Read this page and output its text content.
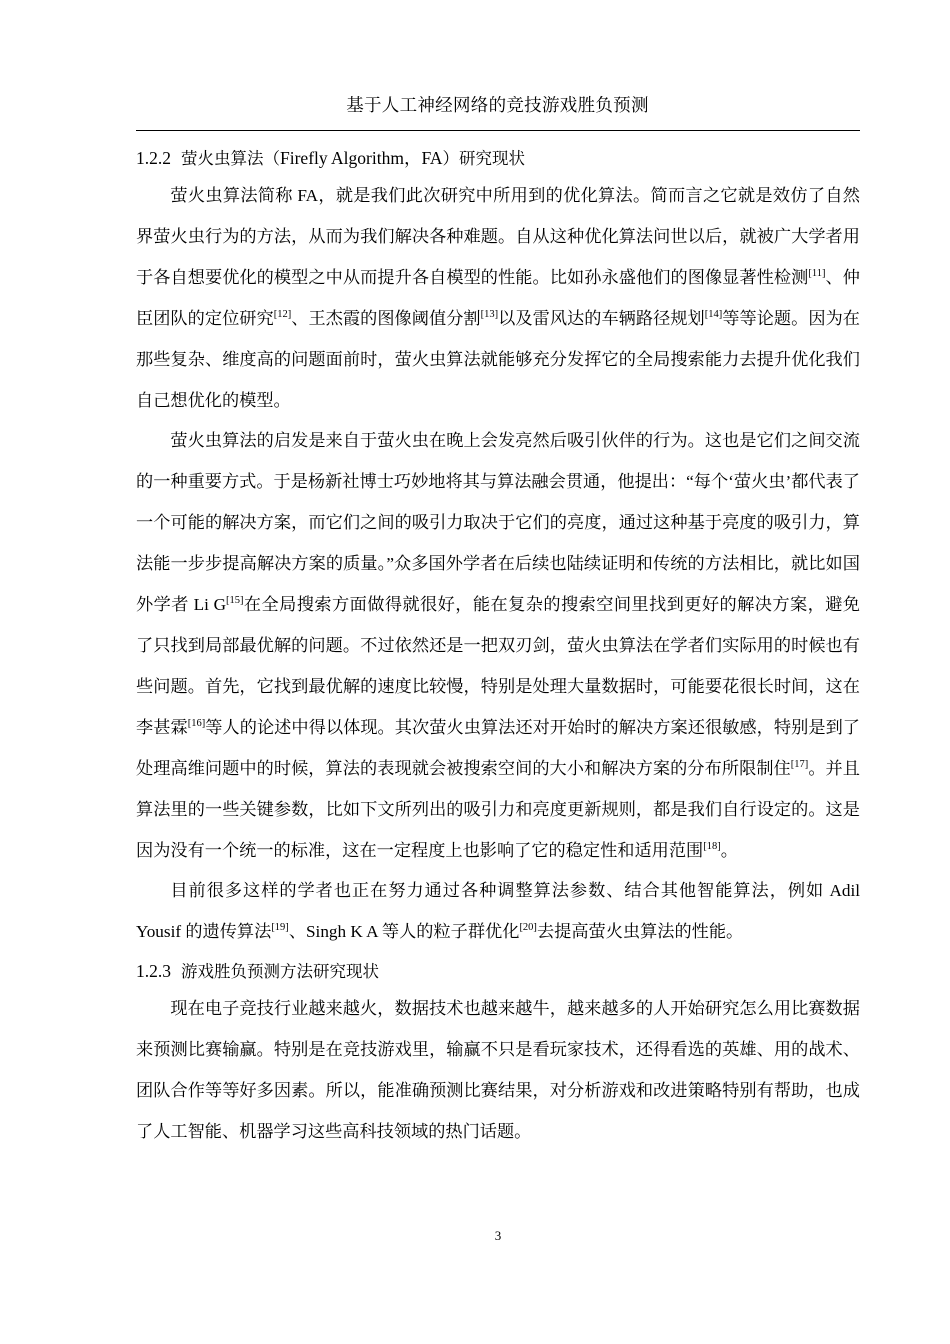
基于人工神经网络的竞技游戏胜负预测
1.2.2 萤火虫算法（Firefly Algorithm，FA）研究现状

萤火虫算法简称 FA，就是我们此次研究中所用到的优化算法。简而言之它就是效仿了自然界萤火虫行为的方法，从而为我们解决各种难题。自从这种优化算法问世以后，就被广大学者用于各自想要优化的模型之中从而提升各自模型的性能。比如孙永盛他们的图像显著性检测[11]、仲臣团队的定位研究[12]、王杰霞的图像阈值分割[13]以及雷风达的车辆路径规划[14]等等论题。因为在那些复杂、维度高的问题面前时，萤火虫算法就能够充分发挥它的全局搜索能力去提升优化我们自己想优化的模型。

萤火虫算法的启发是来自于萤火虫在晚上会发亮然后吸引伙伴的行为。这也是它们之间交流的一种重要方式。于是杨新社博士巧妙地将其与算法融会贯通，他提出：“每个‘萤火虫’都代表了一个可能的解决方案，而它们之间的吸引力取决于它们的亮度，通过这种基于亮度的吸引力，算法能一步步提高解决方案的质量。”众多国外学者在后续也陆续证明和传统的方法相比，就比如国外学者 Li G[15]在全局搜索方面做得就很好，能在复杂的搜索空间里找到更好的解决方案，避免了只找到局部最优解的问题。不过依然还是一把双刃剑，萤火虫算法在学者们实际用的时候也有些问题。首先，它找到最优解的速度比较慢，特别是处理大量数据时，可能要花很长时间，这在李甚霖[16]等人的论述中得以体现。其次萤火虫算法还对开始时的解决方案还很敏感，特别是到了处理高维问题中的时候，算法的表现就会被搜索空间的大小和解决方案的分布所限制住[17]。并且算法里的一些关键参数，比如下文所列出的吸引力和亮度更新规则，都是我们自行设定的。这是因为没有一个统一的标准，这在一定程度上也影响了它的稳定性和适用范围[18]。

目前很多这样的学者也正在努力通过各种调整算法参数、结合其他智能算法，例如 Adil Yousif 的遗传算法[19]、Singh K A 等人的粒子群优化[20]去提高萤火虫算法的性能。

1.2.3 游戏胜负预测方法研究现状

现在电子竞技行业越来越火，数据技术也越来越牛，越来越多的人开始研究怎么用比赛数据来预测比赛输赢。特别是在竞技游戏里，输赢不只是看玩家技术，还得看选的英雄、用的战术、团队合作等等好多因素。所以，能准确预测比赛结果，对分析游戏和改进策略特别有帮助，也成了人工智能、机器学习这些高科技领域的热门话题。

3
